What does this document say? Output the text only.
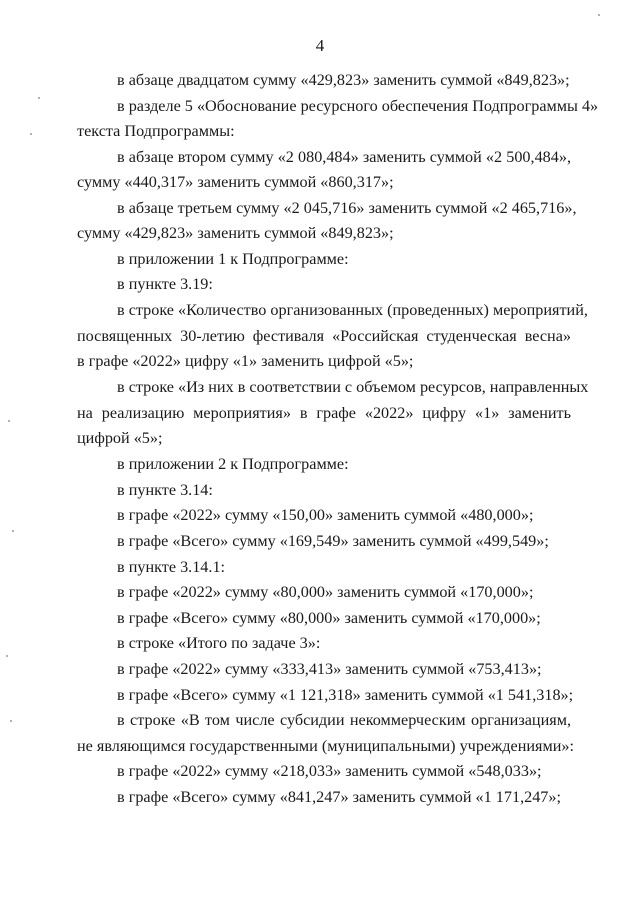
4
в абзаце двадцатом сумму «429,823» заменить суммой «849,823»;
в разделе 5 «Обоснование ресурсного обеспечения Подпрограммы 4»
текста Подпрограммы:
в абзаце втором сумму «2 080,484» заменить суммой «2 500,484»,
сумму «440,317» заменить суммой «860,317»;
в абзаце третьем сумму «2 045,716» заменить суммой «2 465,716»,
сумму «429,823» заменить суммой «849,823»;
в приложении 1 к Подпрограмме:
в пункте 3.19:
в строке «Количество организованных (проведенных) мероприятий,
посвященных 30-летию фестиваля «Российская студенческая весна»
в графе «2022» цифру «1» заменить цифрой «5»;
в строке «Из них в соответствии с объемом ресурсов, направленных
на реализацию мероприятия» в графе «2022» цифру «1» заменить
цифрой «5»;
в приложении 2 к Подпрограмме:
в пункте 3.14:
в графе «2022» сумму «150,00» заменить суммой «480,000»;
в графе «Всего» сумму «169,549» заменить суммой «499,549»;
в пункте 3.14.1:
в графе «2022» сумму «80,000» заменить суммой «170,000»;
в графе «Всего» сумму «80,000» заменить суммой «170,000»;
в строке «Итого по задаче 3»:
в графе «2022» сумму «333,413» заменить суммой «753,413»;
в графе «Всего» сумму «1 121,318» заменить суммой «1 541,318»;
в строке «В том числе субсидии некоммерческим организациям,
не являющимся государственными (муниципальными) учреждениями»:
в графе «2022» сумму «218,033» заменить суммой «548,033»;
в графе «Всего» сумму «841,247» заменить суммой «1 171,247»;
